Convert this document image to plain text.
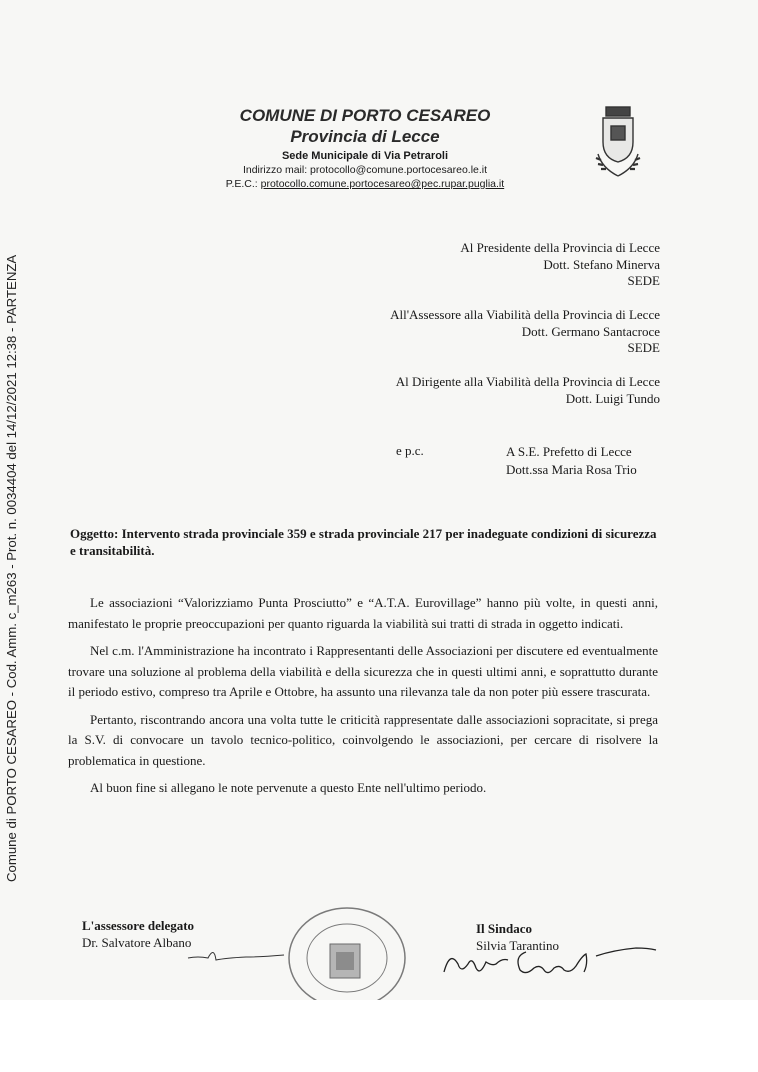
Comune di PORTO CESAREO - Cod. Amm. c_m263 - Prot. n. 0034404 del 14/12/2021 12:38 - PARTENZA
COMUNE DI PORTO CESAREO
Provincia di Lecce
Sede Municipale di Via Petraroli
Indirizzo mail: protocollo@comune.portocesareo.le.it
P.E.C.: protocollo.comune.portocesareo@pec.rupar.puglia.it
Al Presidente della Provincia di Lecce
Dott. Stefano Minerva
SEDE
All'Assessore alla Viabilità della Provincia di Lecce
Dott. Germano Santacroce
SEDE
Al Dirigente alla Viabilità della Provincia di Lecce
Dott. Luigi Tundo
e p.c.	A S.E. Prefetto di Lecce
Dott.ssa Maria Rosa Trio
Oggetto: Intervento strada provinciale 359 e strada provinciale 217 per inadeguate condizioni di sicurezza e transitabilità.

Le associazioni “Valorizziamo Punta Prosciutto” e “A.T.A. Eurovillage” hanno più volte, in questi anni, manifestato le proprie preoccupazioni per quanto riguarda la viabilità sui tratti di strada in oggetto indicati.

Nel c.m. l'Amministrazione ha incontrato i Rappresentanti delle Associazioni per discutere ed eventualmente trovare una soluzione al problema della viabilità e della sicurezza che in questi ultimi anni, e soprattutto durante il periodo estivo, compreso tra Aprile e Ottobre, ha assunto una rilevanza tale da non poter più essere trascurata.

Pertanto, riscontrando ancora una volta tutte le criticità rappresentate dalle associazioni sopracitate, si prega la S.V. di convocare un tavolo tecnico-politico, coinvolgendo le associazioni, per cercare di risolvere la problematica in questione.

Al buon fine si allegano le note pervenute a questo Ente nell'ultimo periodo.

L'assessore delegato
Dr. Salvatore Albano
Il Sindaco
Silvia Tarantino
